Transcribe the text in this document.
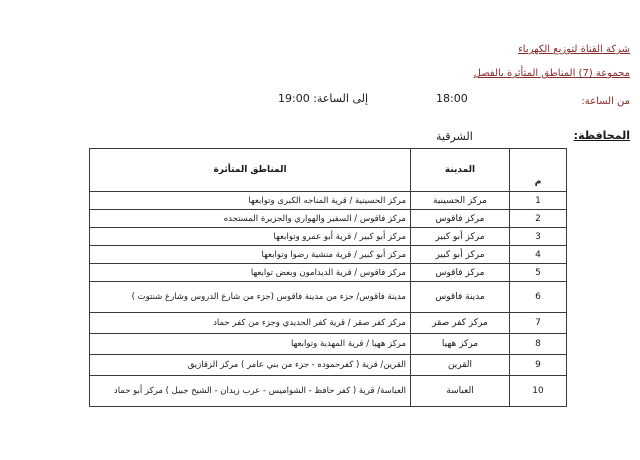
شركة القناة لتوزيع الكهرباء
مجموعة (7) المناطق المتأثرة بالفصل
من الساعة:
18:00
إلى الساعة: 19:00
المحافظة:
الشرقية
م	المدينة	المناطق المتأثرة
1	مركز الحسينية	مركز الحسينية / قرية المناجه الكبرى وتوابعها
2	مركز فاقوس	مركز فاقوس / السفير والهواري والجزيرة المستجده
3	مركز أبو كبير	مركز أبو كبير / قرية أبو عمرو وتوابعها
4	مركز أبو كبير	مركز أبو كبير / قرية منشية رضوا وتوابعها
5	مركز فاقوس	مركز فاقوس / قرية الديدامون وبعض توابعها
6	مدينة فاقوس	مدينة فاقوس/ جزء من مدينة فاقوس (جزء من شارع الدروس وشارع شنتوت )
7	مركز كفر صقر	مركز كفر صقر / قرية كفر الحديدي وجزء من كفر حماد
8	مركز ههيا	مركز ههيا / قرية المهدية وتوابعها
9	القرين	القرين/ قرية ( كفرحموده - جزء من بني عامر ) مركز الزقازيق
10	العباسة	العباسة/ قرية ( كفر حافظ - الشواميس - عرب زيدان - الشيخ جبيل ) مركز أبو حماد
